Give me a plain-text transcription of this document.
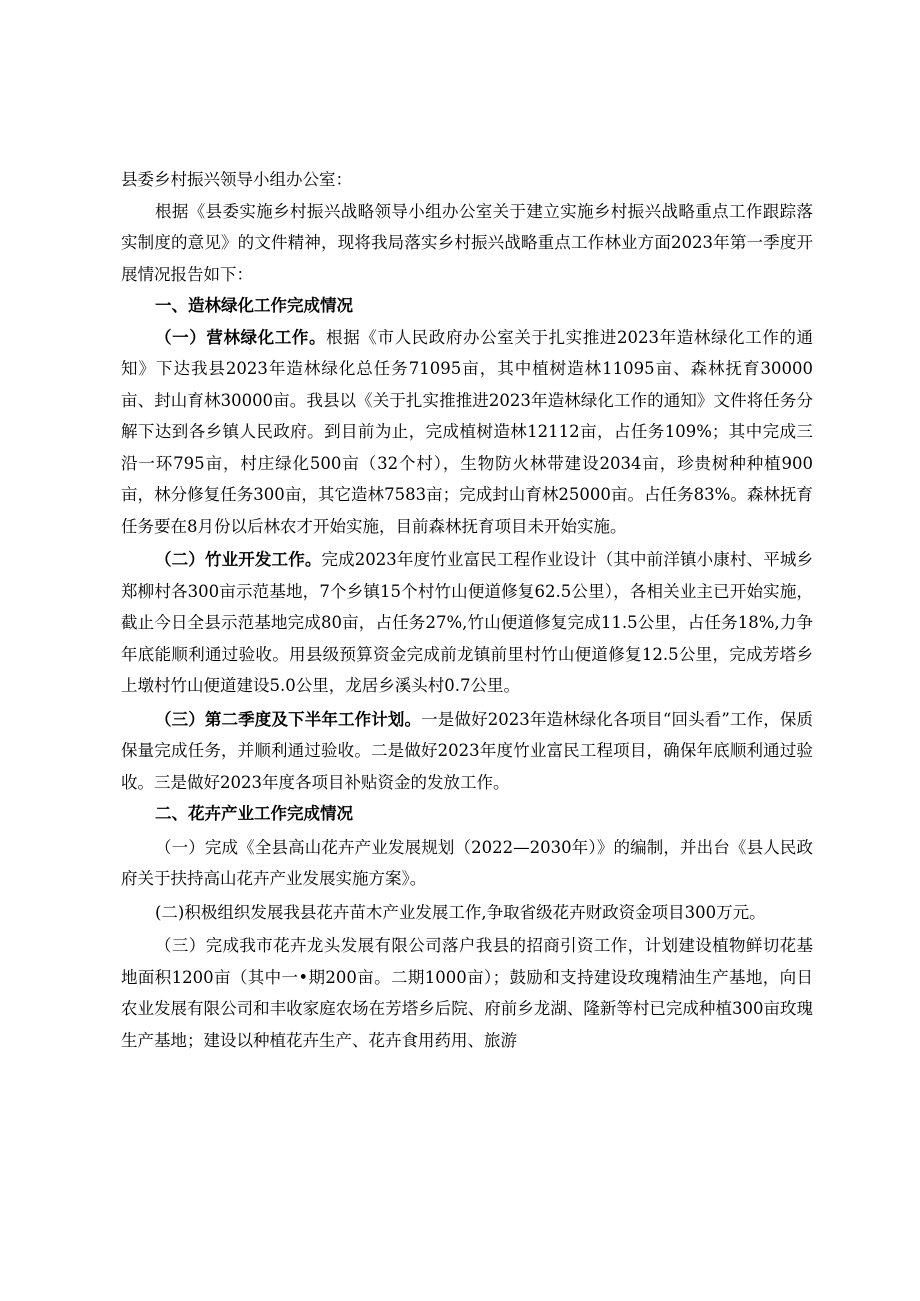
县委乡村振兴领导小组办公室：

根据《县委实施乡村振兴战略领导小组办公室关于建立实施乡村振兴战略重点工作跟踪落实制度的意见》的文件精神，现将我局落实乡村振兴战略重点工作林业方面2023年第一季度开展情况报告如下：

一、造林绿化工作完成情况

（一）营林绿化工作。根据《市人民政府办公室关于扎实推进2023年造林绿化工作的通知》下达我县2023年造林绿化总任务71095亩，其中植树造林11095亩、森林抚育30000亩、封山育林30000亩。我县以《关于扎实推推进2023年造林绿化工作的通知》文件将任务分解下达到各乡镇人民政府。到目前为止，完成植树造林12112亩，占任务109%；其中完成三沿一环795亩，村庄绿化500亩（32个村），生物防火林带建设2034亩，珍贵树种种植900亩，林分修复任务300亩，其它造林7583亩；完成封山育林25000亩。占任务83%。森林抚育任务要在8月份以后林农才开始实施，目前森林抚育项目未开始实施。

（二）竹业开发工作。完成2023年度竹业富民工程作业设计（其中前洋镇小康村、平城乡郑柳村各300亩示范基地，7个乡镇15个村竹山便道修复62.5公里），各相关业主已开始实施，截止今日全县示范基地完成80亩，占任务27%,竹山便道修复完成11.5公里，占任务18%,力争年底能顺利通过验收。用县级预算资金完成前龙镇前里村竹山便道修复12.5公里，完成芳塔乡上墩村竹山便道建设5.0公里，龙居乡溪头村0.7公里。

（三）第二季度及下半年工作计划。一是做好2023年造林绿化各项目“回头看”工作，保质保量完成任务，并顺利通过验收。二是做好2023年度竹业富民工程项目，确保年底顺利通过验收。三是做好2023年度各项目补贴资金的发放工作。

二、花卉产业工作完成情况

（一）完成《全县高山花卉产业发展规划（2022—2030年）》的编制，并出台《县人民政府关于扶持高山花卉产业发展实施方案》。

(二)积极组织发展我县花卉苗木产业发展工作,争取省级花卉财政资金项目300万元。

（三）完成我市花卉龙头发展有限公司落户我县的招商引资工作，计划建设植物鲜切花基地面积1200亩（其中一•期200亩。二期1000亩）；鼓励和支持建设玫瑰精油生产基地，向日农业发展有限公司和丰收家庭农场在芳塔乡后院、府前乡龙湖、隆新等村已完成种植300亩玫瑰生产基地；建设以种植花卉生产、花卉食用药用、旅游
